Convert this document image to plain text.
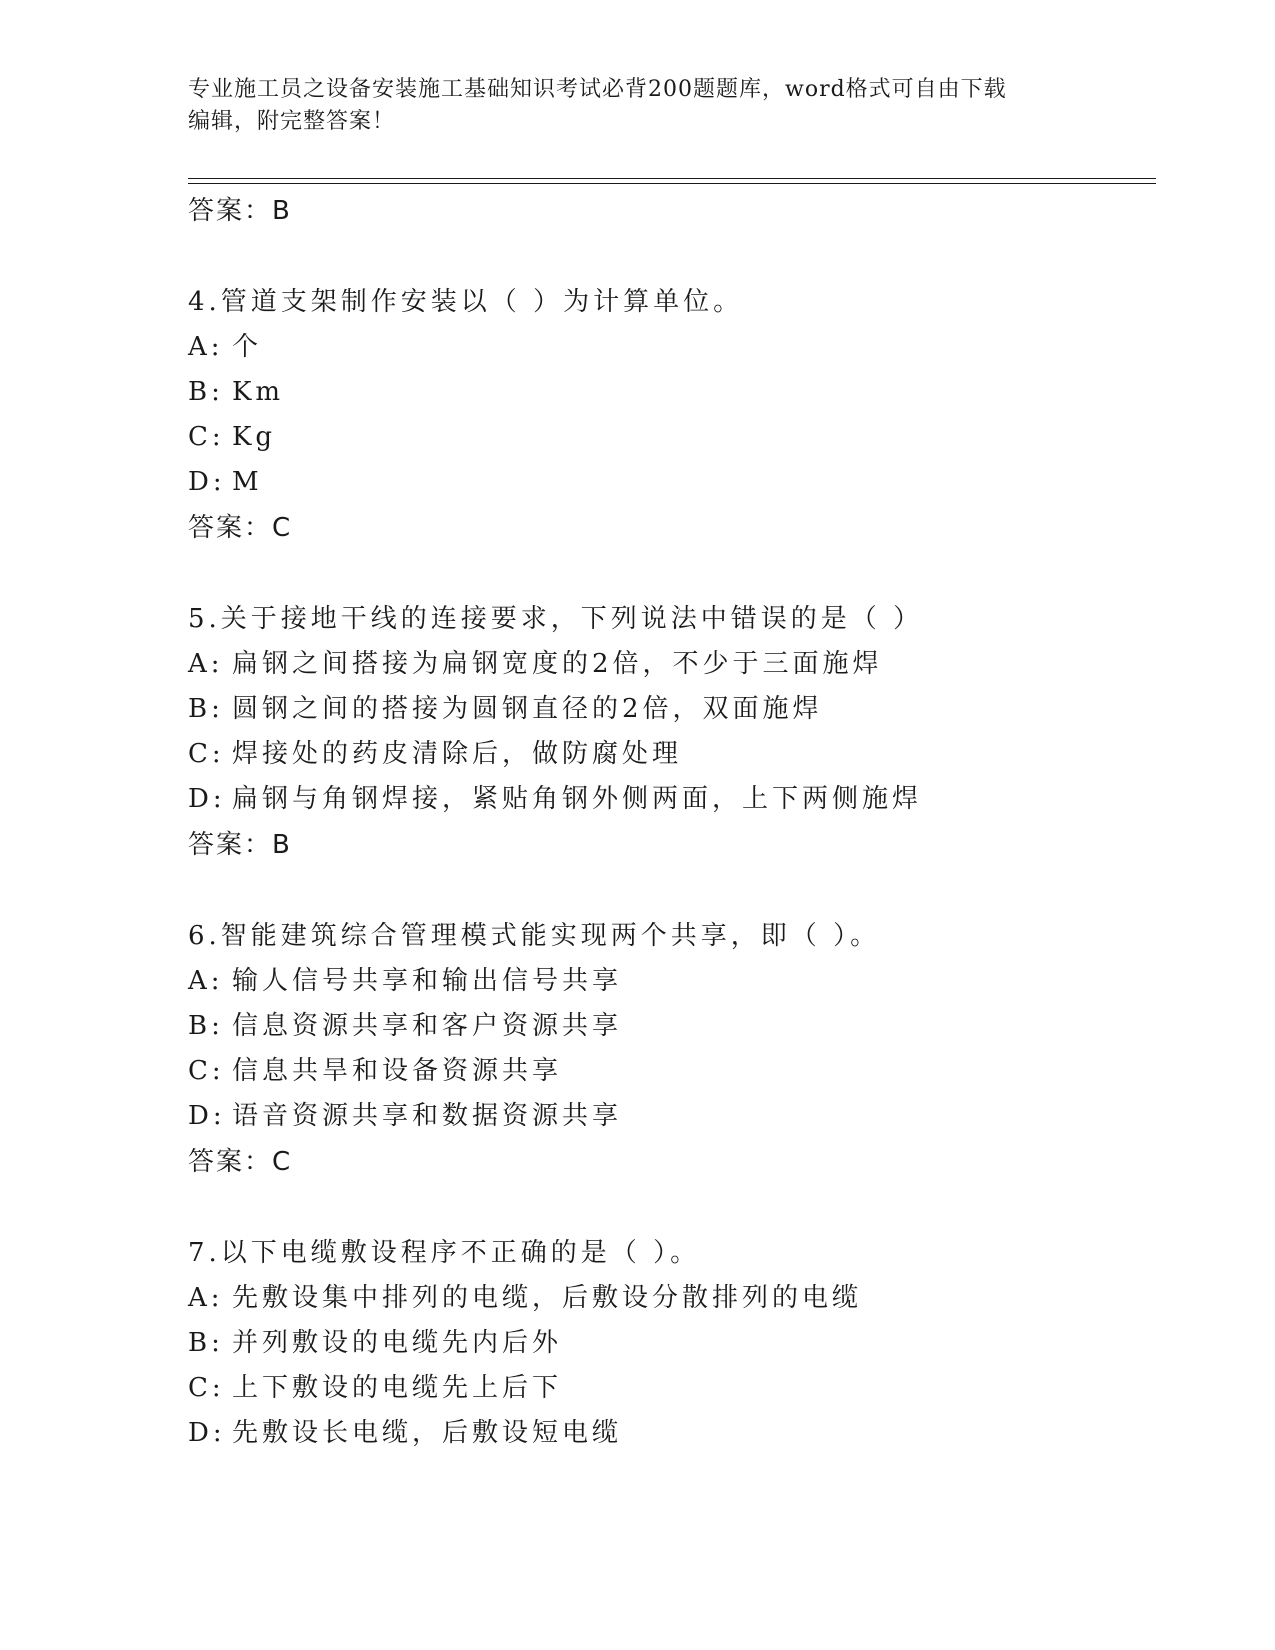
专业施工员之设备安装施工基础知识考试必背200题题库，word格式可自由下载
编辑，附完整答案！
答案：B
4.管道支架制作安装以（ ）为计算单位。
A: 个
B: Km
C: Kg
D: M
答案：C
5.关于接地干线的连接要求，下列说法中错误的是（ ）
A: 扁钢之间搭接为扁钢宽度的2倍，不少于三面施焊
B: 圆钢之间的搭接为圆钢直径的2倍，双面施焊
C: 焊接处的药皮清除后，做防腐处理
D: 扁钢与角钢焊接，紧贴角钢外侧两面，上下两侧施焊
答案：B
6.智能建筑综合管理模式能实现两个共享，即（ ）。
A: 输人信号共享和输出信号共享
B: 信息资源共享和客户资源共享
C: 信息共旱和设备资源共享
D: 语音资源共享和数据资源共享
答案：C
7.以下电缆敷设程序不正确的是（ ）。
A: 先敷设集中排列的电缆，后敷设分散排列的电缆
B: 并列敷设的电缆先内后外
C: 上下敷设的电缆先上后下
D: 先敷设长电缆，后敷设短电缆
